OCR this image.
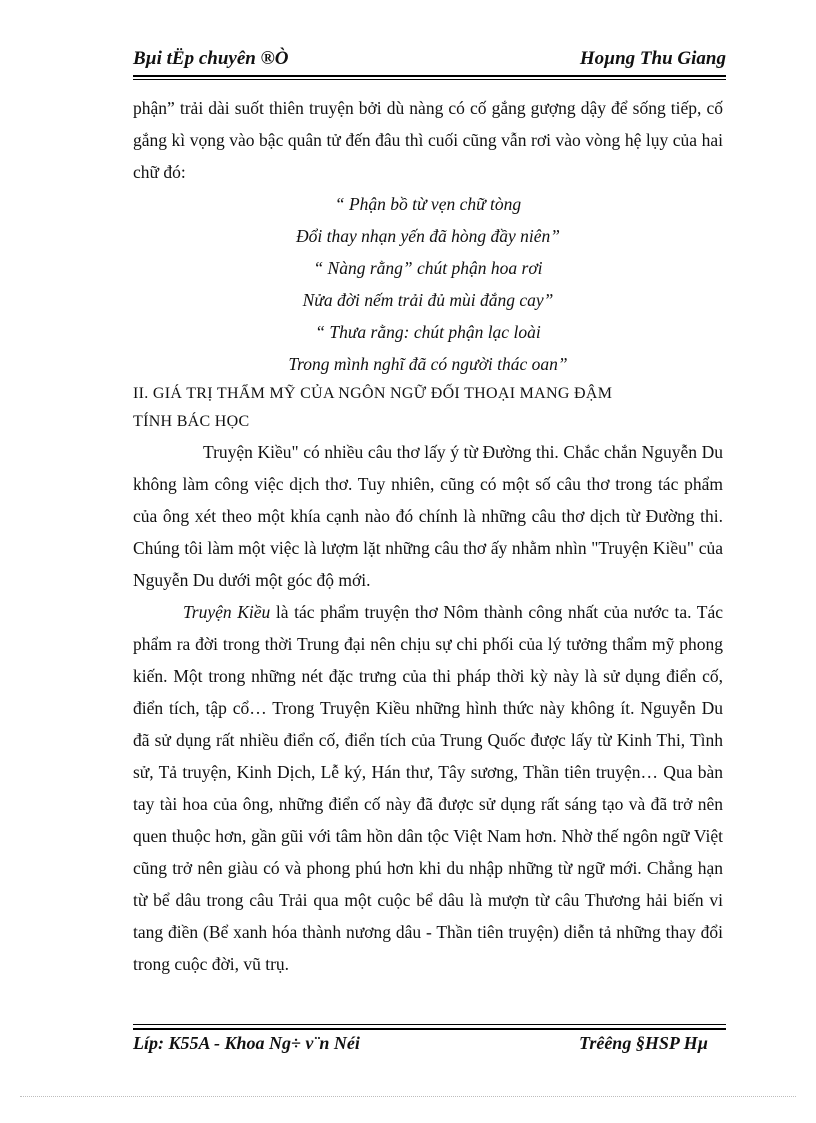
Bµi tËp chuyên ®Ò	Hoµng Thu Giang

phận” trải dài suốt thiên truyện bởi dù nàng có cố gắng gượng dậy để sống tiếp, cố gắng kì vọng vào bậc quân tử đến đâu thì cuối cũng vẫn rơi vào vòng hệ lụy của hai chữ đó:

“ Phận bồ từ vẹn chữ tòng

Đổi thay nhạn yến đã hòng đầy niên”

“ Nàng rằng” chút phận hoa rơi

Nửa đời nếm trải đủ mùi đắng cay”

“ Thưa rằng: chút phận lạc loài

Trong mình nghĩ đã có người thác oan”

II. GIÁ TRỊ THẨM MỸ CỦA NGÔN NGỮ ĐỐI THOẠI MANG ĐẬM

TÍNH BÁC HỌC

Truyện Kiều" có nhiều câu thơ lấy ý từ Đường thi. Chắc chắn Nguyễn Du không làm công việc dịch thơ. Tuy nhiên, cũng có một số câu thơ trong tác phẩm của ông xét theo một khía cạnh nào đó chính là những câu thơ dịch từ Đường thi. Chúng tôi làm một việc là lượm lặt những câu thơ ấy nhằm nhìn "Truyện Kiều" của Nguyễn Du dưới một góc độ mới.

Truyện Kiều là tác phẩm truyện thơ Nôm thành công nhất của nước ta. Tác phẩm ra đời trong thời Trung đại nên chịu sự chi phối của lý tưởng thẩm mỹ phong kiến. Một trong những nét đặc trưng của thi pháp thời kỳ này là sử dụng điển cố, điển tích, tập cổ… Trong Truyện Kiều những hình thức này không ít. Nguyễn Du đã sử dụng rất nhiều điển cố, điển tích của Trung Quốc được lấy từ Kinh Thi, Tình sử, Tả truyện, Kinh Dịch, Lễ ký, Hán thư, Tây sương, Thần tiên truyện… Qua bàn tay tài hoa của ông, những điển cố này đã được sử dụng rất sáng tạo và đã trở nên quen thuộc hơn, gần gũi với tâm hồn dân tộc Việt Nam hơn. Nhờ thế ngôn ngữ Việt cũng trở nên giàu có và phong phú hơn khi du nhập những từ ngữ mới. Chẳng hạn từ bể dâu trong câu Trải qua một cuộc bể dâu là mượn từ câu Thương hải biến vi tang điền (Bể xanh hóa thành nương dâu - Thần tiên truyện) diễn tả những thay đổi trong cuộc đời, vũ trụ.

Líp: K55A - Khoa Ng÷ v¨n Néi	Trêêng §HSP Hµ
